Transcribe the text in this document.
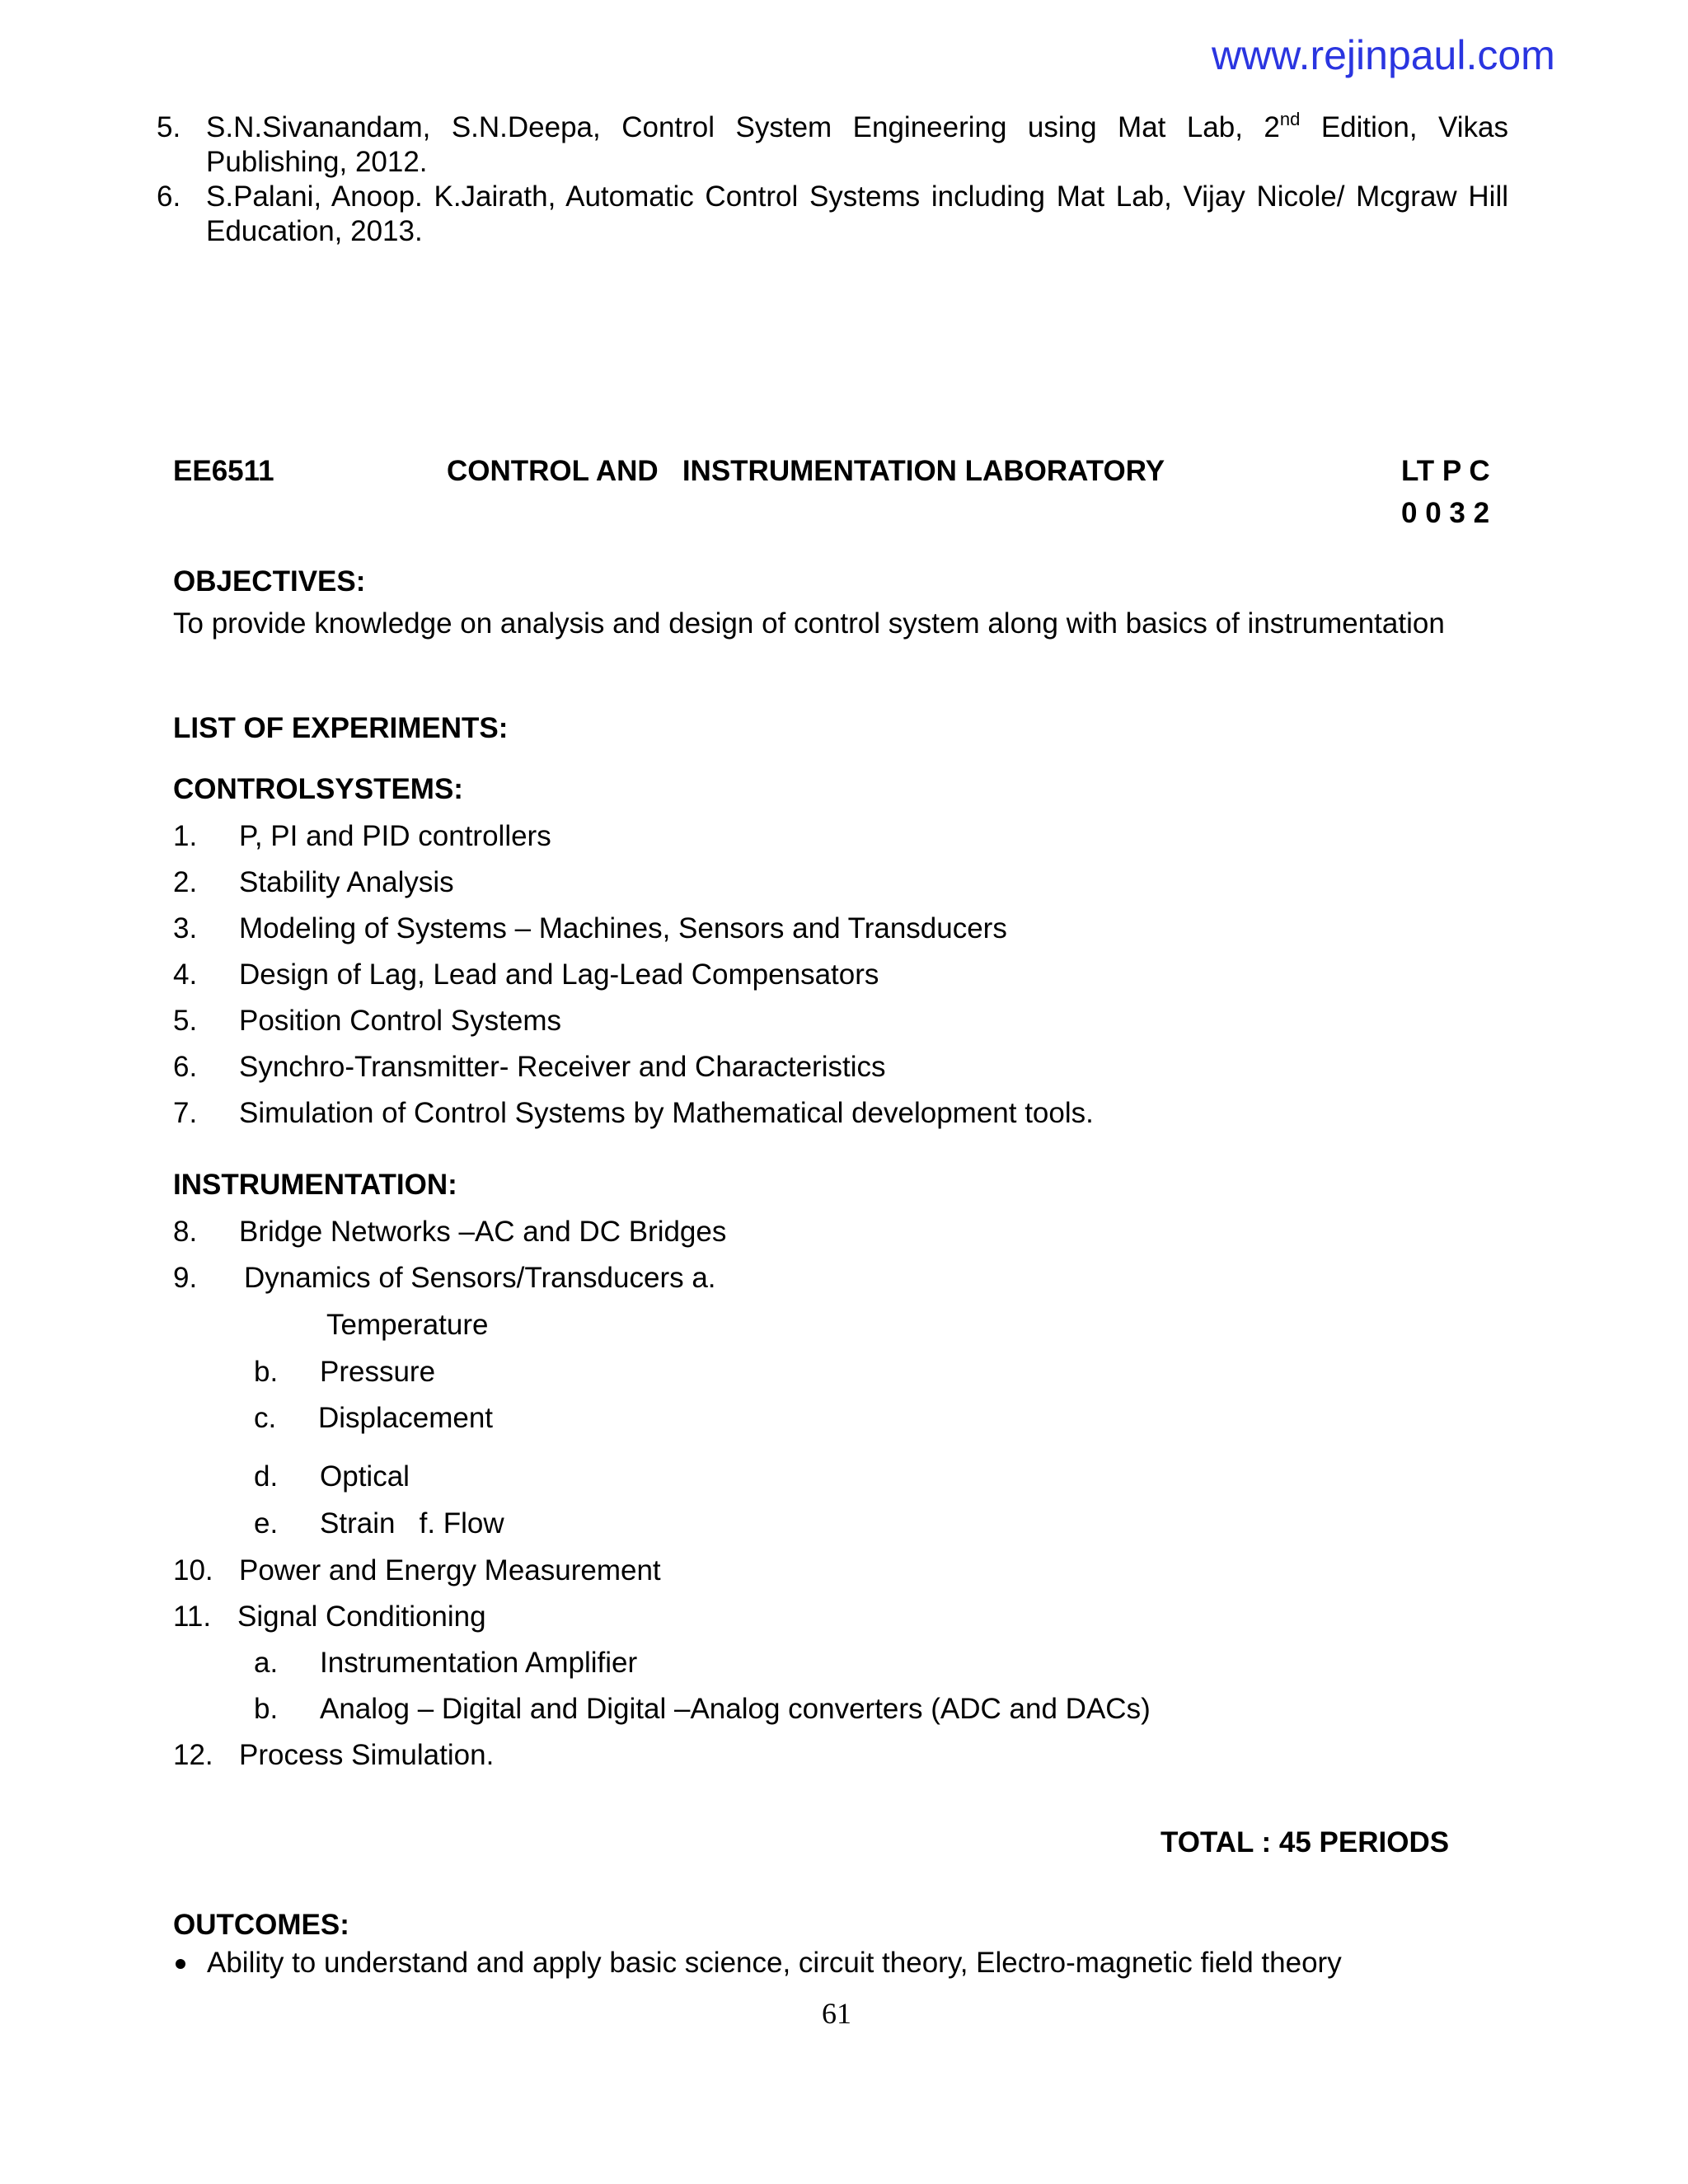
www.rejinpaul.com
5. S.N.Sivanandam, S.N.Deepa, Control System Engineering using Mat Lab, 2nd Edition, Vikas Publishing, 2012.
6. S.Palani, Anoop. K.Jairath, Automatic Control Systems including Mat Lab, Vijay Nicole/ Mcgraw Hill Education, 2013.
EE6511	CONTROL AND   INSTRUMENTATION LABORATORY	LT P C
0 0 3 2
OBJECTIVES:
To provide knowledge on analysis and design of control system along with basics of instrumentation
LIST OF EXPERIMENTS:
CONTROLSYSTEMS:
1. P, PI and PID controllers
2. Stability Analysis
3. Modeling of Systems – Machines, Sensors and Transducers
4. Design of Lag, Lead and Lag-Lead Compensators
5. Position Control Systems
6. Synchro-Transmitter- Receiver and Characteristics
7. Simulation of Control Systems by Mathematical development tools.
INSTRUMENTATION:
8. Bridge Networks –AC and DC Bridges
9. Dynamics of Sensors/Transducers a.
Temperature
b. Pressure
c. Displacement
d. Optical
e. Strain   f. Flow
10. Power and Energy Measurement
11. Signal Conditioning
a. Instrumentation Amplifier
b. Analog – Digital and Digital –Analog converters (ADC and DACs)
12. Process Simulation.
TOTAL : 45 PERIODS
OUTCOMES:
Ability to understand and apply basic science, circuit theory, Electro-magnetic field theory
61
